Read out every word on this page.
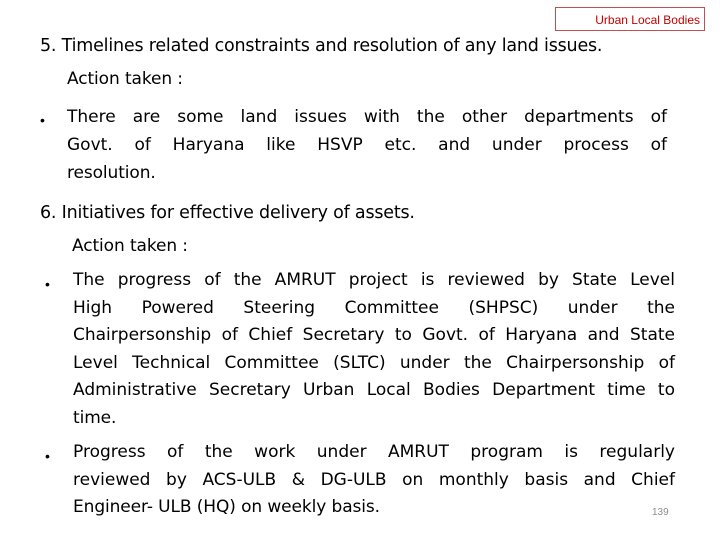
Urban Local Bodies
5. Timelines related constraints and resolution of any land issues.
Action taken :
• There are some land issues with the other departments of
Govt. of Haryana like HSVP etc. and under process of
resolution.
6. Initiatives for effective delivery of assets.
Action taken :
• The progress of the AMRUT project is reviewed by State Level
High Powered Steering Committee (SHPSC) under the
Chairpersonship of Chief Secretary to Govt. of Haryana and State
Level Technical Committee (SLTC) under the Chairpersonship of
Administrative Secretary Urban Local Bodies Department time to
time.
• Progress of the work under AMRUT program is regularly
reviewed by ACS-ULB & DG-ULB on monthly basis and Chief
Engineer- ULB (HQ) on weekly basis.	139
